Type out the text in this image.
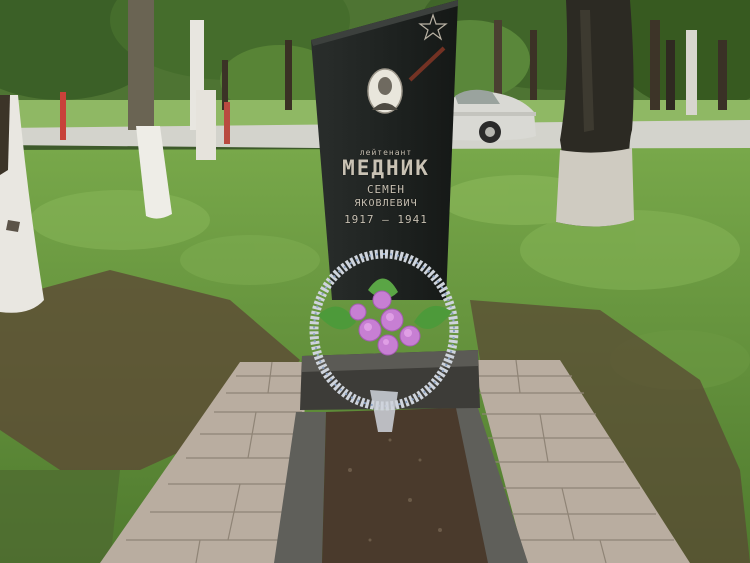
лейтенант
МЕДНИК
СЕМЕН
ЯКОВЛЕВИЧ
1917 — 1941
